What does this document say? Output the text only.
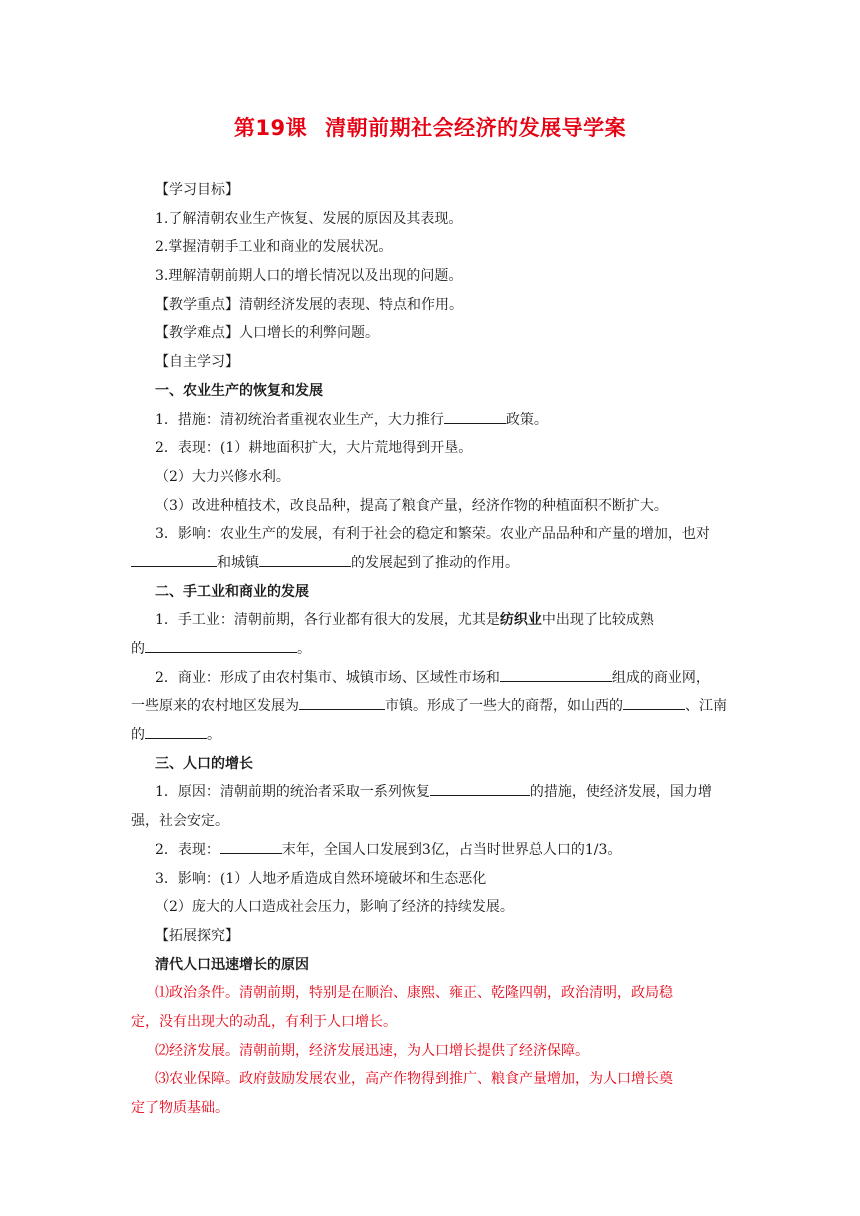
第19课 清朝前期社会经济的发展导学案
【学习目标】
1.了解清朝农业生产恢复、发展的原因及其表现。
2.掌握清朝手工业和商业的发展状况。
3.理解清朝前期人口的增长情况以及出现的问题。
【教学重点】清朝经济发展的表现、特点和作用。
【教学难点】人口增长的利弊问题。
【自主学习】
一、农业生产的恢复和发展
1．措施：清初统治者重视农业生产，大力推行	政策。
2．表现：(1）耕地面积扩大，大片荒地得到开垦。
（2）大力兴修水利。
（3）改进种植技术，改良品种，提高了粮食产量，经济作物的种植面积不断扩大。
3．影响：农业生产的发展，有利于社会的稳定和繁荣。农业产品品种和产量的增加，也对
和城镇	的发展起到了推动的作用。
二、手工业和商业的发展
1．手工业：清朝前期，各行业都有很大的发展，尤其是纺织业中出现了比较成熟
的	。
2．商业：形成了由农村集市、城镇市场、区域性市场和	组成的商业网，
一些原来的农村地区发展为	市镇。形成了一些大的商帮，如山西的	、江南
的	。
三、人口的增长
1．原因：清朝前期的统治者采取一系列恢复	的措施，使经济发展，国力增
强，社会安定。
2．表现：	末年，全国人口发展到3亿，占当时世界总人口的1/3。
3．影响：(1）人地矛盾造成自然环境破坏和生态恶化
（2）庞大的人口造成社会压力，影响了经济的持续发展。
【拓展探究】
清代人口迅速增长的原因
⑴政治条件。清朝前期，特别是在顺治、康熙、雍正、乾隆四朝，政治清明，政局稳
定，没有出现大的动乱，有利于人口增长。
⑵经济发展。清朝前期，经济发展迅速，为人口增长提供了经济保障。
⑶农业保障。政府鼓励发展农业，高产作物得到推广、粮食产量增加，为人口增长奠
定了物质基础。
